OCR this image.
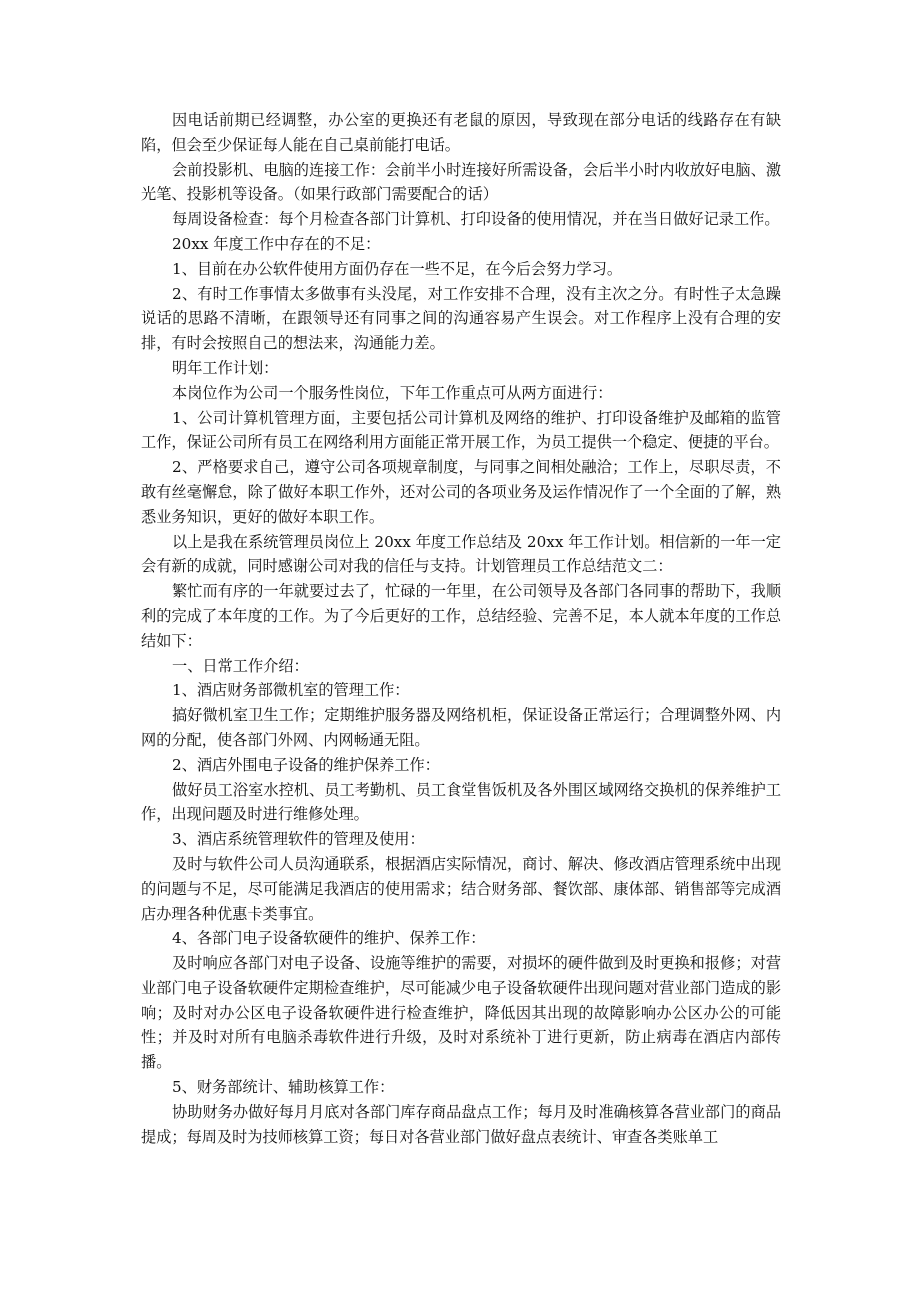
因电话前期已经调整，办公室的更换还有老鼠的原因，导致现在部分电话的线路存在有缺陷，但会至少保证每人能在自己桌前能打电话。

会前投影机、电脑的连接工作：会前半小时连接好所需设备，会后半小时内收放好电脑、激光笔、投影机等设备。（如果行政部门需要配合的话）

每周设备检查：每个月检查各部门计算机、打印设备的使用情况，并在当日做好记录工作。

20xx 年度工作中存在的不足：

1、目前在办公软件使用方面仍存在一些不足，在今后会努力学习。

2、有时工作事情太多做事有头没尾，对工作安排不合理，没有主次之分。有时性子太急躁说话的思路不清晰，在跟领导还有同事之间的沟通容易产生误会。对工作程序上没有合理的安排，有时会按照自己的想法来，沟通能力差。

明年工作计划：

本岗位作为公司一个服务性岗位，下年工作重点可从两方面进行：

1、公司计算机管理方面，主要包括公司计算机及网络的维护、打印设备维护及邮箱的监管工作，保证公司所有员工在网络利用方面能正常开展工作，为员工提供一个稳定、便捷的平台。

2、严格要求自己，遵守公司各项规章制度，与同事之间相处融洽；工作上，尽职尽责，不敢有丝毫懈怠，除了做好本职工作外，还对公司的各项业务及运作情况作了一个全面的了解，熟悉业务知识，更好的做好本职工作。

以上是我在系统管理员岗位上 20xx 年度工作总结及 20xx 年工作计划。相信新的一年一定会有新的成就，同时感谢公司对我的信任与支持。计划管理员工作总结范文二：

繁忙而有序的一年就要过去了，忙碌的一年里，在公司领导及各部门各同事的帮助下，我顺利的完成了本年度的工作。为了今后更好的工作，总结经验、完善不足，本人就本年度的工作总结如下：

一、日常工作介绍：

1、酒店财务部微机室的管理工作：

搞好微机室卫生工作；定期维护服务器及网络机柜，保证设备正常运行；合理调整外网、内网的分配，使各部门外网、内网畅通无阻。

2、酒店外围电子设备的维护保养工作：

做好员工浴室水控机、员工考勤机、员工食堂售饭机及各外围区域网络交换机的保养维护工作，出现问题及时进行维修处理。

3、酒店系统管理软件的管理及使用：

及时与软件公司人员沟通联系，根据酒店实际情况，商讨、解决、修改酒店管理系统中出现的问题与不足，尽可能满足我酒店的使用需求；结合财务部、餐饮部、康体部、销售部等完成酒店办理各种优惠卡类事宜。

4、各部门电子设备软硬件的维护、保养工作：

及时响应各部门对电子设备、设施等维护的需要，对损坏的硬件做到及时更换和报修；对营业部门电子设备软硬件定期检查维护，尽可能减少电子设备软硬件出现问题对营业部门造成的影响；及时对办公区电子设备软硬件进行检查维护，降低因其出现的故障影响办公区办公的可能性；并及时对所有电脑杀毒软件进行升级，及时对系统补丁进行更新，防止病毒在酒店内部传播。

5、财务部统计、辅助核算工作：

协助财务办做好每月月底对各部门库存商品盘点工作；每月及时准确核算各营业部门的商品提成；每周及时为技师核算工资；每日对各营业部门做好盘点表统计、审查各类账单工
